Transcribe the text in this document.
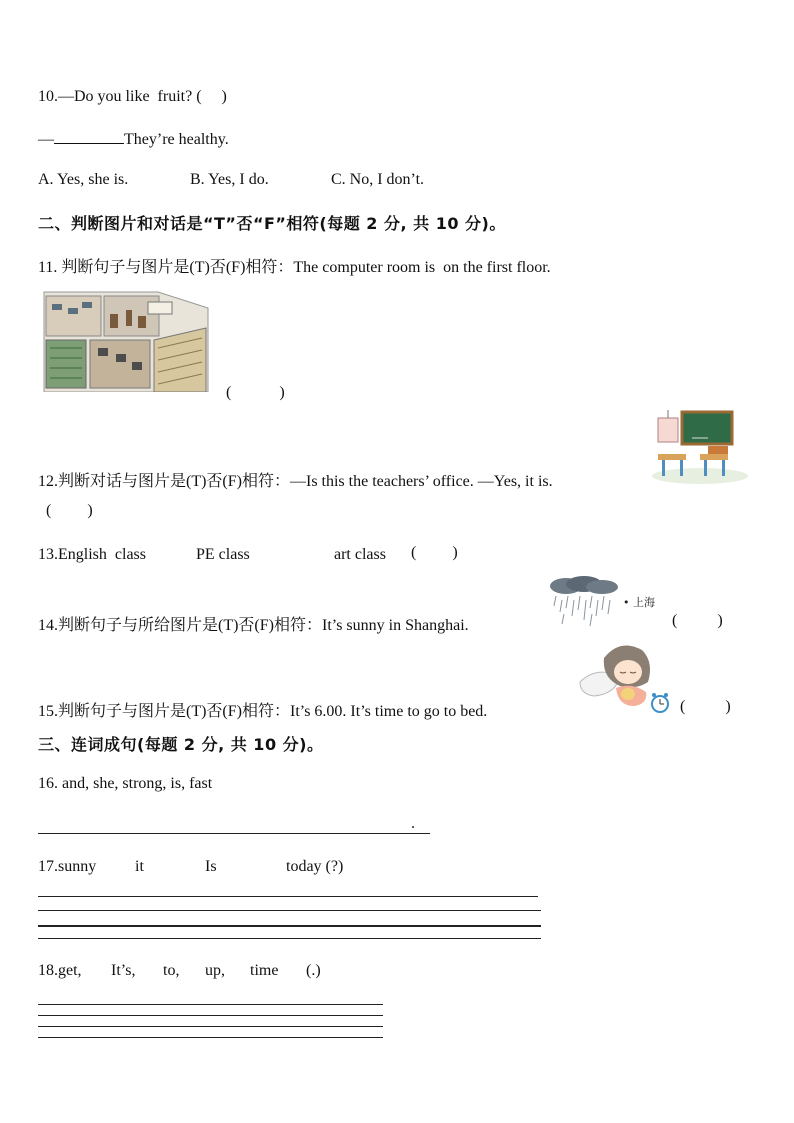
10.—Do you like  fruit? (     )
—	They’re healthy.
A. Yes, she is.	B. Yes, I do.	C. No, I don’t.
二、判断图片和对话是“T”否“F”相符(每题 2 分, 共 10 分)。
11. 判断句子与图片是(T)否(F)相符：The computer room is  on the first floor.
(            )
12.判断对话与图片是(T)否(F)相符：—Is this the teachers’ office. —Yes, it is.
(         )
13.English  class	PE class	art class (         )
• 上海
14.判断句子与所给图片是(T)否(F)相符：It’s sunny in Shanghai.	(          )
15.判断句子与图片是(T)否(F)相符：It’s 6.00. It’s time to go to bed.	(          )
三、连词成句(每题 2 分, 共 10 分)。
16. and, she, strong, is, fast
.
17.sunny it	Is	today (?)
18.get, It’s, to, up, time (.)
